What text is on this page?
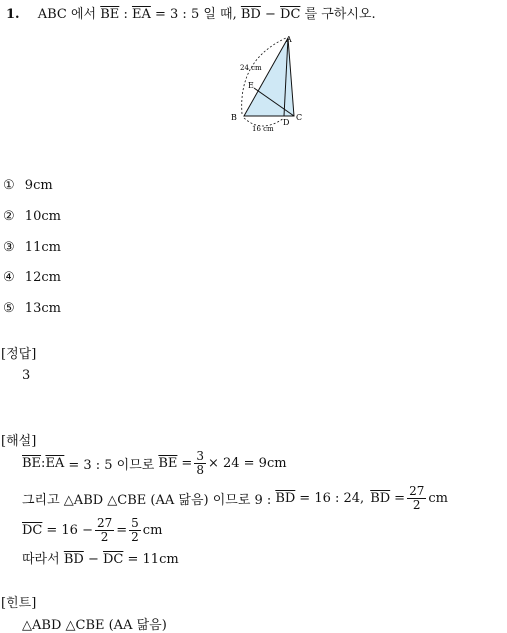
1. ABC 에서 $\overline{BE}$ : $\overline{EA} = 3$ : 5 일 때, $\overline{BD} - \overline{DC}$ 를 구하시오.
A
B	C
D
E
24 cm
16 cm
① 9cm
② 10cm
③ 11cm
④ 12cm
⑤ 13cm
[정답]
3
[해설]
$\overline{BE}$ : $\overline{EA} = 3$ : 5 이므로 $\overline{BE} = \frac{3}{8} \times 24 = 9cm$
그리고 △ABD △CBE (AA 닮음) 이므로 9 : $\overline{BD} = 16$ : 24, $\overline{BD} = \frac{27}{2}$ cm
$\overline{DC} = 16 - \frac{27}{2} = \frac{5}{2}$ cm
따라서 $\overline{BD} - \overline{DC} = 11cm$
[힌트]
△ABD △CBE (AA 닮음)
